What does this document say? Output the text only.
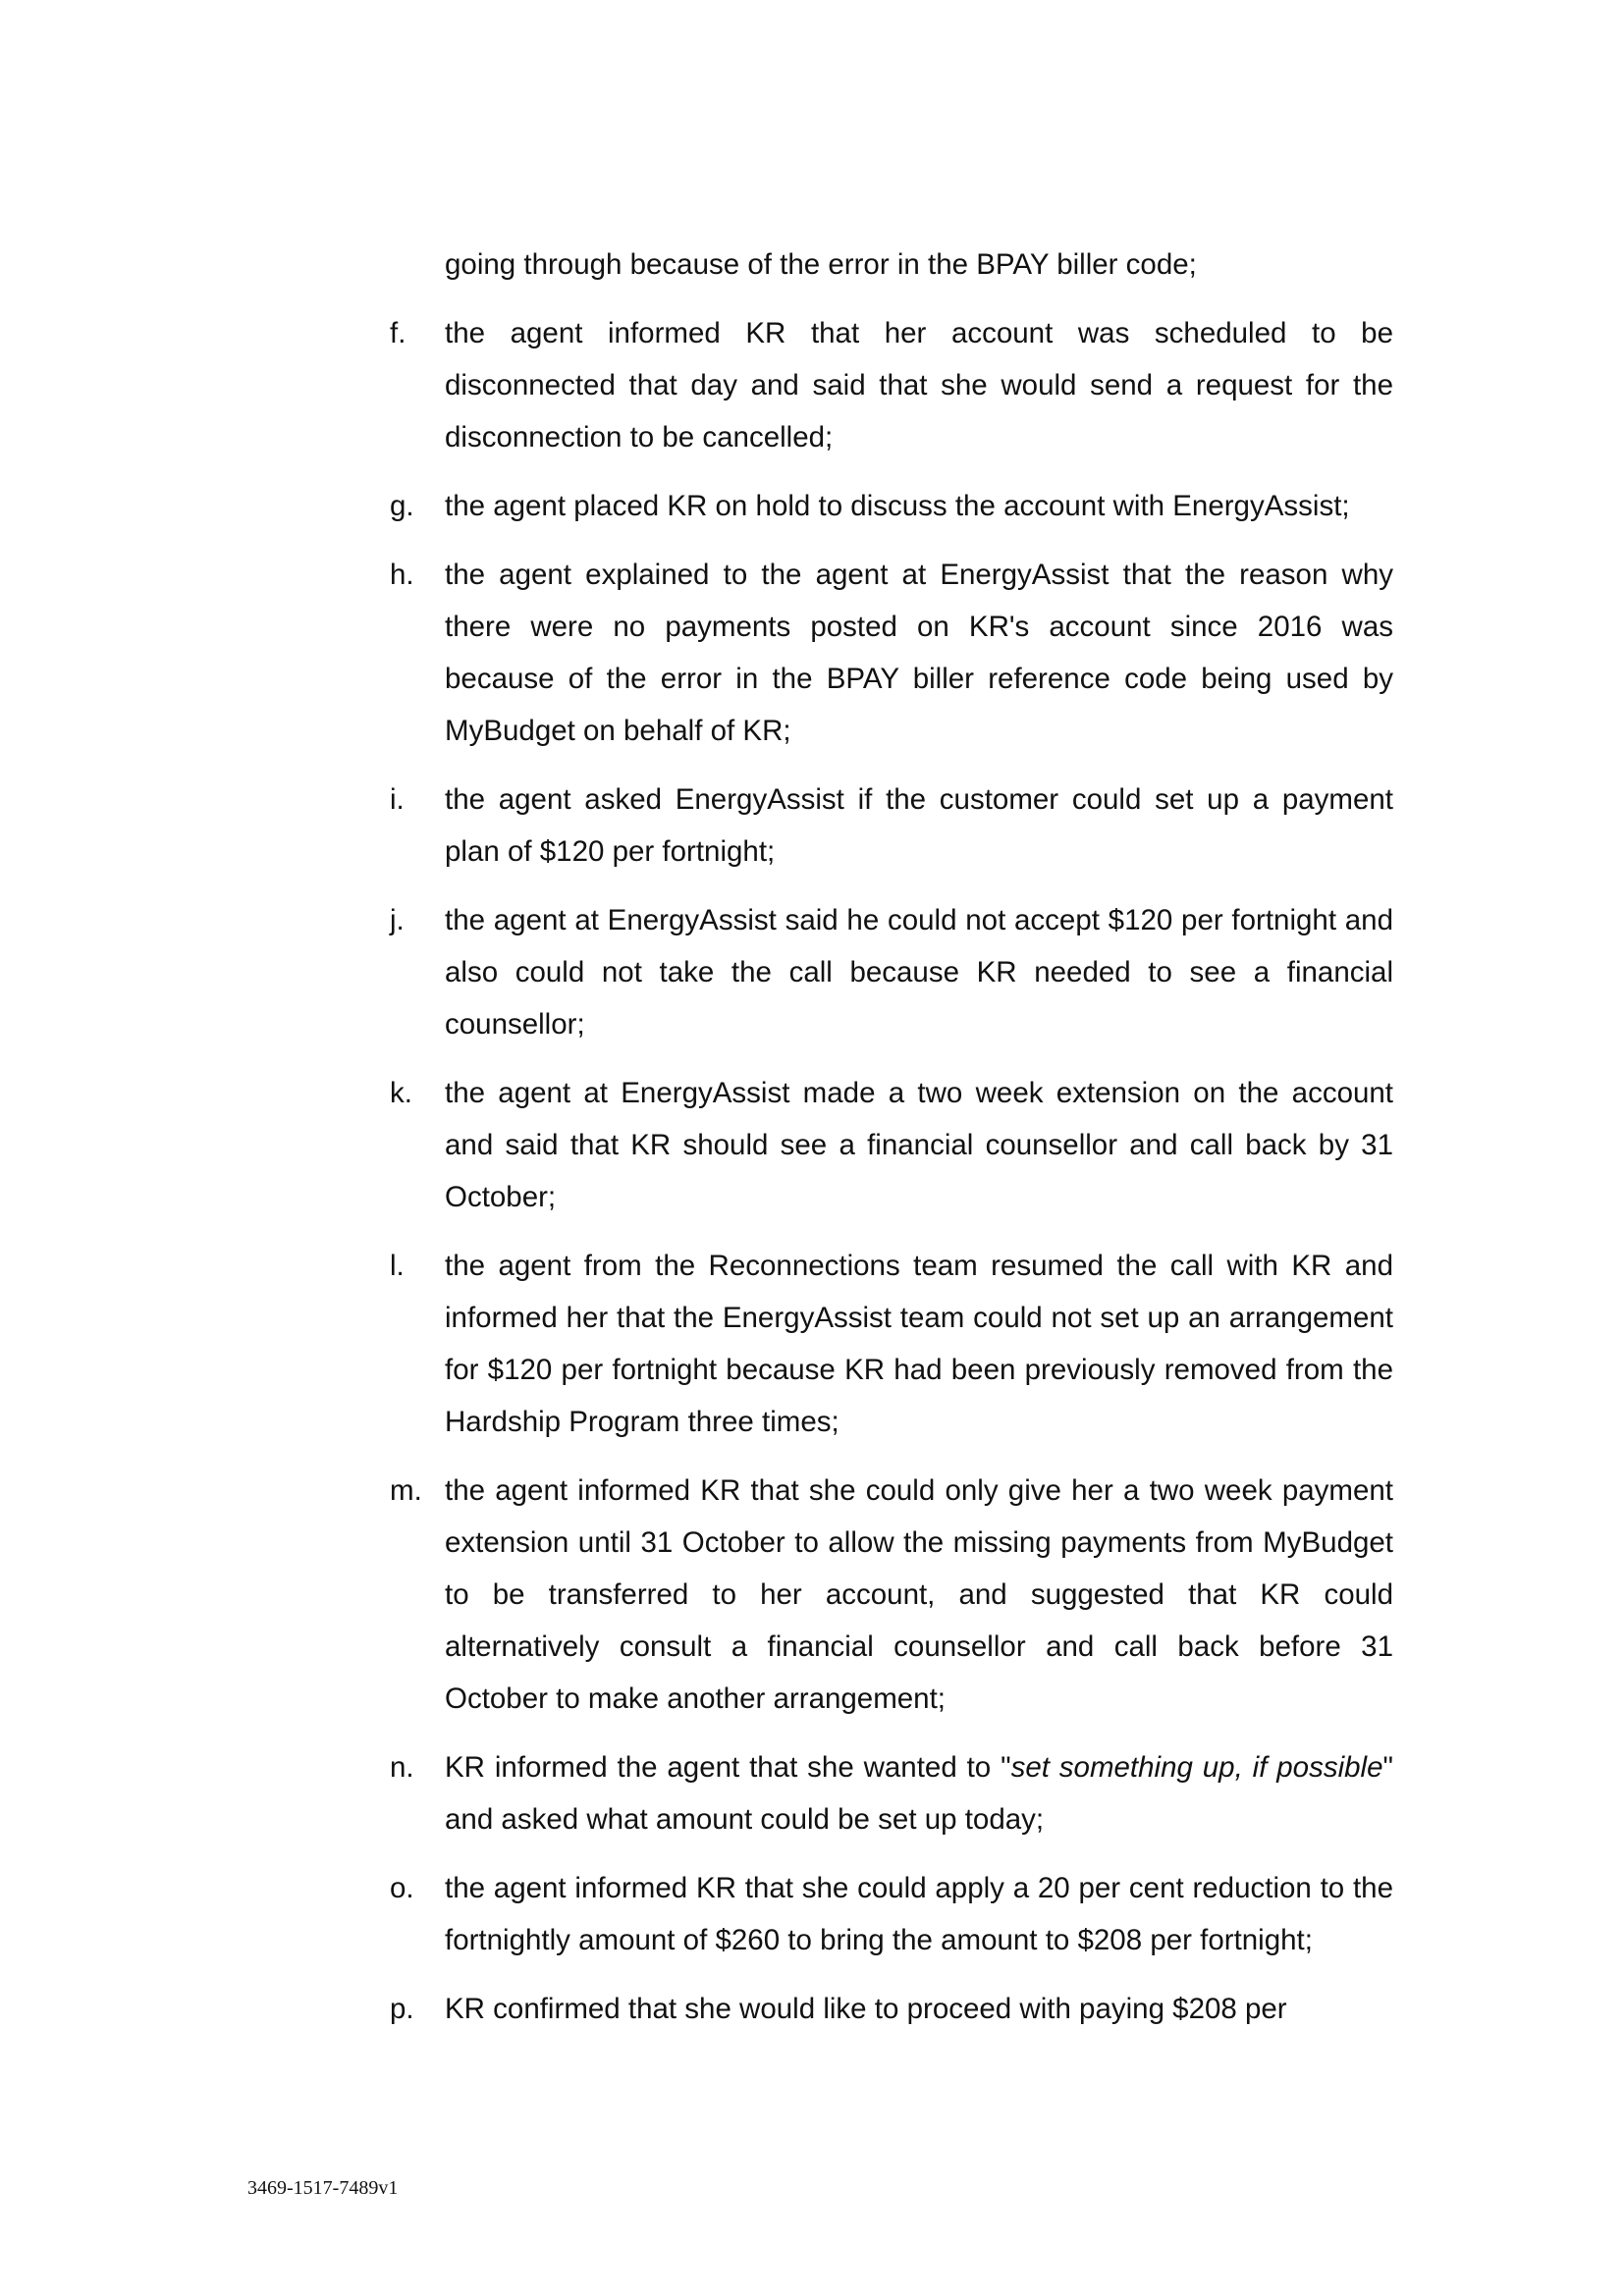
going through because of the error in the BPAY biller code;
f.	the agent informed KR that her account was scheduled to be disconnected that day and said that she would send a request for the disconnection to be cancelled;
g.	the agent placed KR on hold to discuss the account with EnergyAssist;
h.	the agent explained to the agent at EnergyAssist that the reason why there were no payments posted on KR's account since 2016 was because of the error in the BPAY biller reference code being used by MyBudget on behalf of KR;
i.	the agent asked EnergyAssist if the customer could set up a payment plan of $120 per fortnight;
j.	the agent at EnergyAssist said he could not accept $120 per fortnight and also could not take the call because KR needed to see a financial counsellor;
k.	the agent at EnergyAssist made a two week extension on the account and said that KR should see a financial counsellor and call back by 31 October;
l.	the agent from the Reconnections team resumed the call with KR and informed her that the EnergyAssist team could not set up an arrangement for $120 per fortnight because KR had been previously removed from the Hardship Program three times;
m. the agent informed KR that she could only give her a two week payment extension until 31 October to allow the missing payments from MyBudget to be transferred to her account, and suggested that KR could alternatively consult a financial counsellor and call back before 31 October to make another arrangement;
n.	KR informed the agent that she wanted to "set something up, if possible" and asked what amount could be set up today;
o.	the agent informed KR that she could apply a 20 per cent reduction to the fortnightly amount of $260 to bring the amount to $208 per fortnight;
p.	KR confirmed that she would like to proceed with paying $208 per
3469-1517-7489v1
